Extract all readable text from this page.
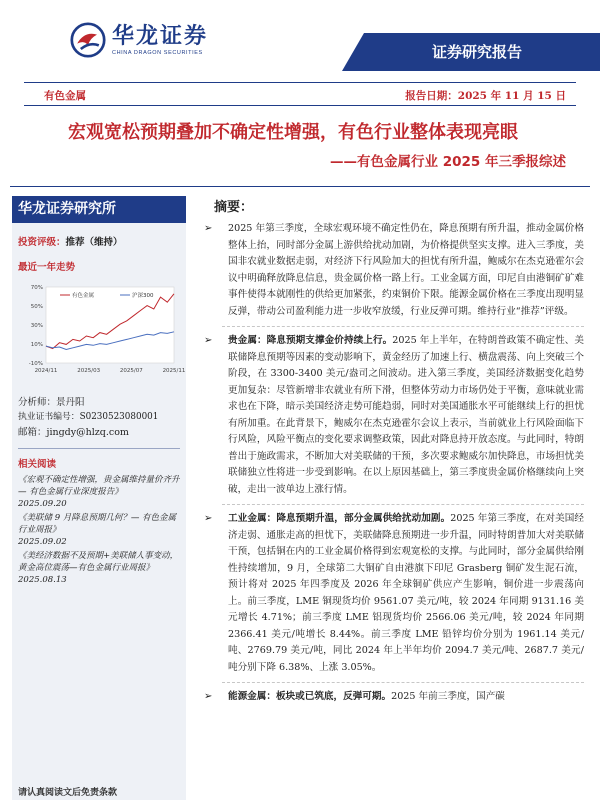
华龙证券
CHINA DRAGON SECURITIES	证券研究报告
有色金属	报告日期：2025 年 11 月 15 日
宏观宽松预期叠加不确定性增强，有色行业整体表现亮眼
——有色金属行业 2025 年三季报综述
华龙证券研究所
投资评级：推荐（维持）
最近一年走势
70%
50%
30%
10%
-10%
2024/11	2025/03	2025/07	2025/11
有色金属	沪深300
分析师：景丹阳
执业证书编号：S0230523080001
邮箱：jingdy@hlzq.com
相关阅读
《宏观不确定性增强，贵金属维持量价齐升 — 有色金属行业深度报告》
2025.09.20
《美联储 9 月降息预期几何？— 有色金属行业周报》
2025.09.02
《美经济数据不及预期+美联储人事变动，黄金高位震荡—有色金属行业周报》
2025.08.13
请认真阅读文后免责条款
摘要：
➢ 2025 年第三季度，全球宏观环境不确定性仍在，降息预期有所升温，推动金属价格整体上抬，同时部分金属上游供给扰动加剧，为价格提供坚实支撑。进入三季度，美国非农就业数据走弱，对经济下行风险加大的担忧有所升温，鲍威尔在杰克逊霍尔会议中明确释放降息信息，贵金属价格一路上行。工业金属方面，印尼自由港铜矿矿难事件使得本就刚性的供给更加紧张，约束铜价下限。能源金属价格在三季度出现明显反弹，带动公司盈利能力进一步收窄放缓，行业反弹可期。维持行业“推荐”评级。
➢ 贵金属：降息预期支撑金价持续上行。2025 年上半年，在特朗普政策不确定性、美联储降息预期等因素的变动影响下，黄金经历了加速上行、横盘震荡、向上突破三个阶段，在 3300-3400 美元/盎司之间波动。进入第三季度，美国经济数据变化趋势更加复杂：尽管新增非农就业有所下滑，但整体劳动力市场仍处于平衡，意味就业需求也在下降，暗示美国经济走势可能趋弱，同时对美国通胀水平可能继续上行的担忧有所加重。在此背景下，鲍威尔在杰克逊霍尔会议上表示，当前就业上行风险面临下行风险，风险平衡点的变化要求调整政策，因此对降息持开放态度。与此同时，特朗普出于施政需求，不断加大对美联储的干预，多次要求鲍威尔加快降息，市场担忧美联储独立性将进一步受到影响。在以上原因基础上，第三季度贵金属价格继续向上突破，走出一波单边上涨行情。
➢ 工业金属：降息预期升温，部分金属供给扰动加剧。2025 年第三季度，在对美国经济走弱、通胀走高的担忧下，美联储降息预期进一步升温，同时特朗普加大对美联储干预，包括铜在内的工业金属价格得到宏观宽松的支撑。与此同时，部分金属供给刚性持续增加，9 月，全球第二大铜矿自由港旗下印尼 Grasberg 铜矿发生泥石流，预计将对 2025 年四季度及 2026 年全球铜矿供应产生影响，铜价进一步震荡向上。前三季度，LME 铜现货均价 9561.07 美元/吨，较 2024 年同期 9131.16 美元增长 4.71%；前三季度 LME 铝现货均价 2566.06 美元/吨，较 2024 年同期 2366.41 美元/吨增长 8.44%。前三季度 LME 铅锌均价分别为 1961.14 美元/吨、2769.79 美元/吨，同比 2024 年上半年均价 2094.7 美元/吨、2687.7 美元/吨分别下降 6.38%、上涨 3.05%。
➢ 能源金属：板块或已筑底，反弹可期。2025 年前三季度，国产碳
